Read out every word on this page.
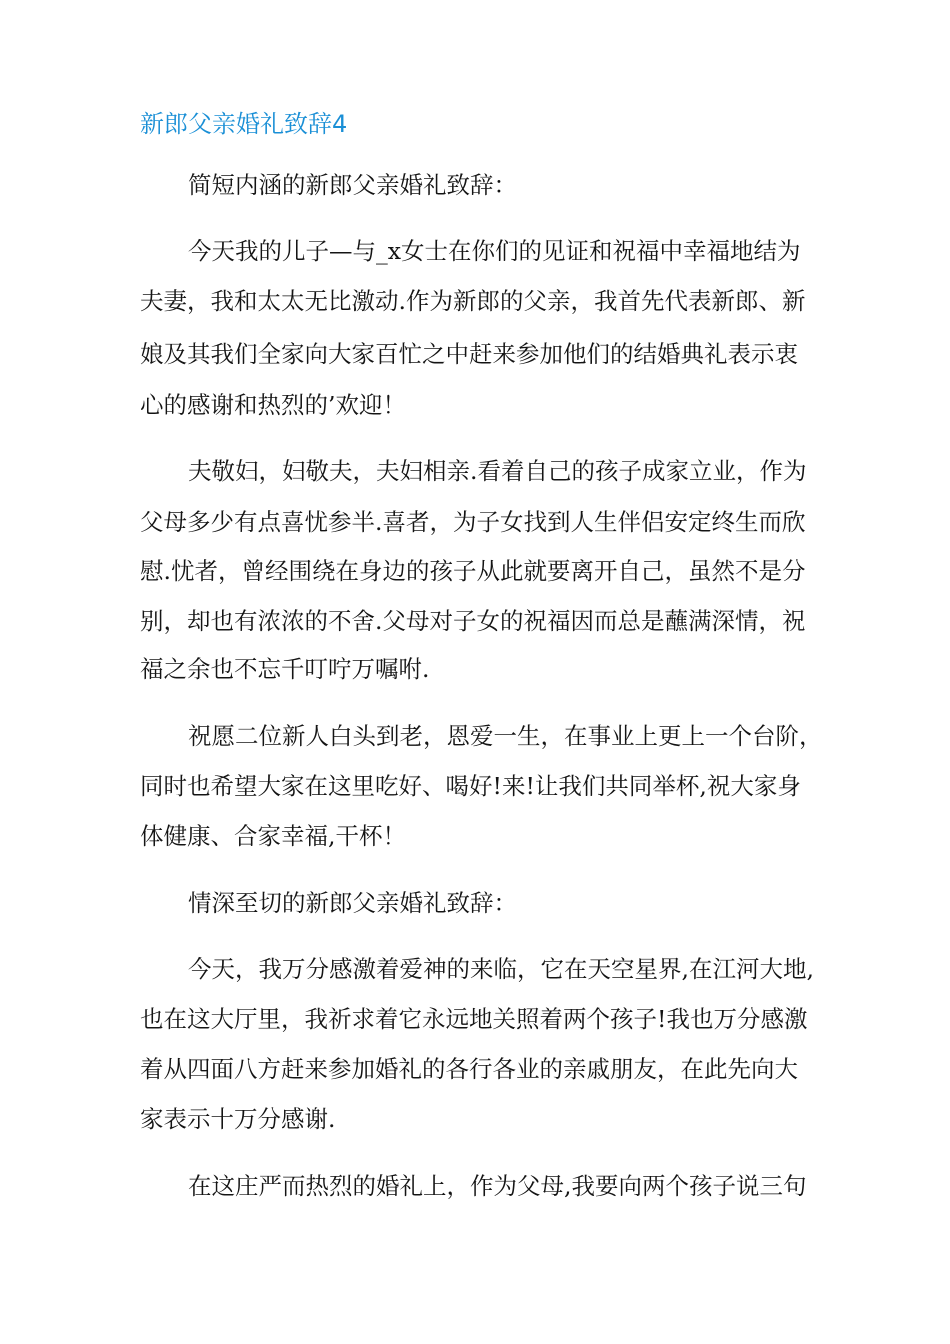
新郎父亲婚礼致辞4

简短内涵的新郎父亲婚礼致辞：

今天我的儿子—与_x女士在你们的见证和祝福中幸福地结为

夫妻，我和太太无比激动.作为新郎的父亲，我首先代表新郎、新

娘及其我们全家向大家百忙之中赶来参加他们的结婚典礼表示衷

心的感谢和热烈的’欢迎！

夫敬妇，妇敬夫，夫妇相亲.看着自己的孩子成家立业，作为

父母多少有点喜忧参半.喜者，为子女找到人生伴侣安定终生而欣

慰.忧者，曾经围绕在身边的孩子从此就要离开自己，虽然不是分

别，却也有浓浓的不舍.父母对子女的祝福因而总是蘸满深情，祝

福之余也不忘千叮咛万嘱咐.

祝愿二位新人白头到老，恩爱一生，在事业上更上一个台阶，

同时也希望大家在这里吃好、喝好!来!让我们共同举杯,祝大家身

体健康、合家幸福,干杯！

情深至切的新郎父亲婚礼致辞：

今天，我万分感激着爱神的来临，它在天空星界,在江河大地,

也在这大厅里，我祈求着它永远地关照着两个孩子!我也万分感激

着从四面八方赶来参加婚礼的各行各业的亲戚朋友，在此先向大

家表示十万分感谢.

在这庄严而热烈的婚礼上，作为父母,我要向两个孩子说三句
